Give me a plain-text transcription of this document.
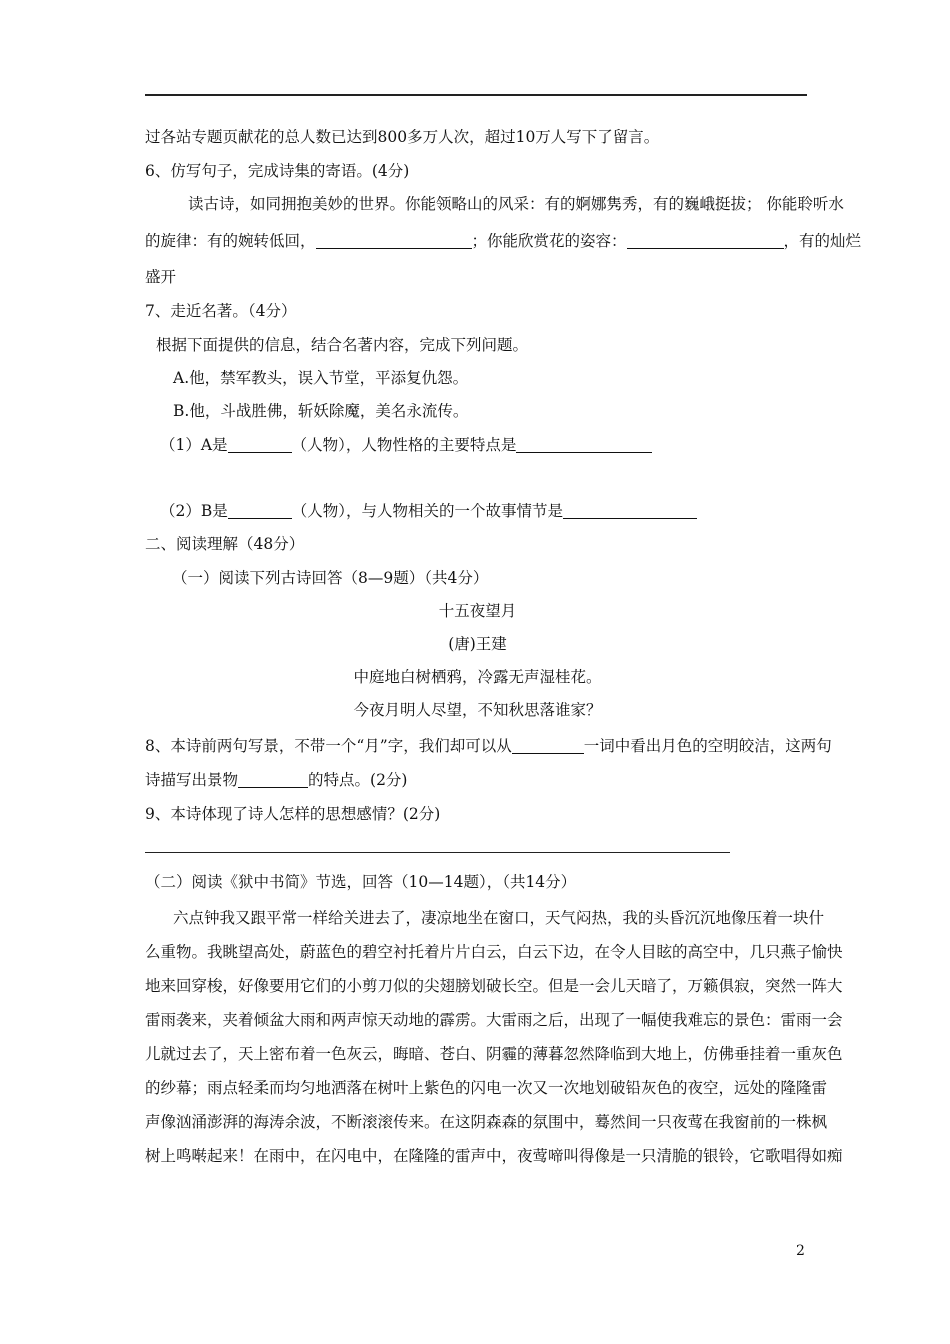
过各站专题页献花的总人数已达到800多万人次，超过10万人写下了留言。
6、仿写句子，完成诗集的寄语。(4分)
读古诗，如同拥抱美妙的世界。你能领略山的风采：有的婀娜隽秀，有的巍峨挺拔； 你能聆听水
的旋律：有的婉转低回，	；你能欣赏花的姿容：	，有的灿烂
盛开
7、走近名著。（4分）
根据下面提供的信息，结合名著内容，完成下列问题。
A.他，禁军教头，误入节堂，平添复仇怨。
B.他，斗战胜佛，斩妖除魔，美名永流传。
（1）A是	（人物），人物性格的主要特点是
（2）B是	（人物），与人物相关的一个故事情节是
二、阅读理解（48分）
（一）阅读下列古诗回答（8—9题）（共4分）
十五夜望月
(唐)王建
中庭地白树栖鸦，冷露无声湿桂花。
今夜月明人尽望，不知秋思落谁家？
8、本诗前两句写景，不带一个“月”字，我们却可以从	一词中看出月色的空明皎洁，这两句
诗描写出景物	的特点。(2分)
9、本诗体现了诗人怎样的思想感情？(2分)
（二）阅读《狱中书简》节选，回答（10—14题），（共14分）
六点钟我又跟平常一样给关进去了，凄凉地坐在窗口，天气闷热，我的头昏沉沉地像压着一块什
么重物。我眺望高处，蔚蓝色的碧空衬托着片片白云，白云下边，在令人目眩的高空中，几只燕子愉快
地来回穿梭，好像要用它们的小剪刀似的尖翅膀划破长空。但是一会儿天暗了，万籁俱寂，突然一阵大
雷雨袭来，夹着倾盆大雨和两声惊天动地的霹雳。大雷雨之后，出现了一幅使我难忘的景色：雷雨一会
儿就过去了，天上密布着一色灰云，晦暗、苍白、阴霾的薄暮忽然降临到大地上，仿佛垂挂着一重灰色
的纱幕；雨点轻柔而均匀地洒落在树叶上紫色的闪电一次又一次地划破铅灰色的夜空，远处的隆隆雷
声像汹涌澎湃的海涛余波，不断滚滚传来。在这阴森森的氛围中，蓦然间一只夜莺在我窗前的一株枫
树上鸣啭起来！在雨中，在闪电中，在隆隆的雷声中，夜莺啼叫得像是一只清脆的银铃，它歌唱得如痴
2
